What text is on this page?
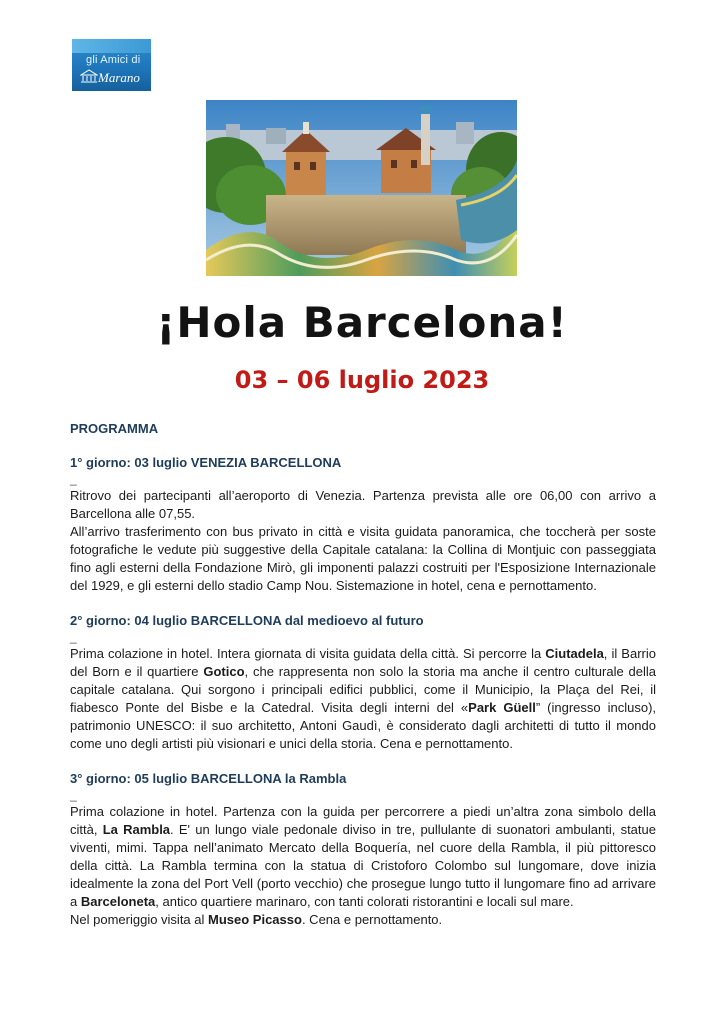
gli Amici di
Marano
¡Hola Barcelona!
03 – 06 luglio 2023

PROGRAMMA

1° giorno: 03 luglio VENEZIA BARCELLONA

_

Ritrovo dei partecipanti all’aeroporto di Venezia. Partenza prevista alle ore 06,00 con arrivo a Barcellona alle 07,55.

All’arrivo trasferimento con bus privato in città e visita guidata panoramica, che toccherà per soste fotografiche le vedute più suggestive della Capitale catalana: la Collina di Montjuic con passeggiata fino agli esterni della Fondazione Mirò, gli imponenti palazzi costruiti per l'Esposizione Internazionale del 1929, e gli esterni dello stadio Camp Nou. Sistemazione in hotel, cena e pernottamento.

2° giorno: 04 luglio BARCELLONA dal medioevo al futuro

_

Prima colazione in hotel. Intera giornata di visita guidata della città. Si percorre la Ciutadela, il Barrio del Born e il quartiere Gotico, che rappresenta non solo la storia ma anche il centro culturale della capitale catalana. Qui sorgono i principali edifici pubblici, come il Municipio, la Plaça del Rei, il fiabesco Ponte del Bisbe e la Catedral. Visita degli interni del «Park Güell” (ingresso incluso), patrimonio UNESCO: il suo architetto, Antoni Gaudì, è considerato dagli architetti di tutto il mondo come uno degli artisti più visionari e unici della storia. Cena e pernottamento.

3° giorno: 05 luglio BARCELLONA la Rambla

_

Prima colazione in hotel. Partenza con la guida per percorrere a piedi un’altra zona simbolo della città, La Rambla. E' un lungo viale pedonale diviso in tre, pullulante di suonatori ambulanti, statue viventi, mimi. Tappa nell’animato Mercato della Boquería, nel cuore della Rambla, il più pittoresco della città. La Rambla termina con la statua di Cristoforo Colombo sul lungomare, dove inizia idealmente la zona del Port Vell (porto vecchio) che prosegue lungo tutto il lungomare fino ad arrivare a Barceloneta, antico quartiere marinaro, con tanti colorati ristorantini e locali sul mare.

Nel pomeriggio visita al Museo Picasso. Cena e pernottamento.
